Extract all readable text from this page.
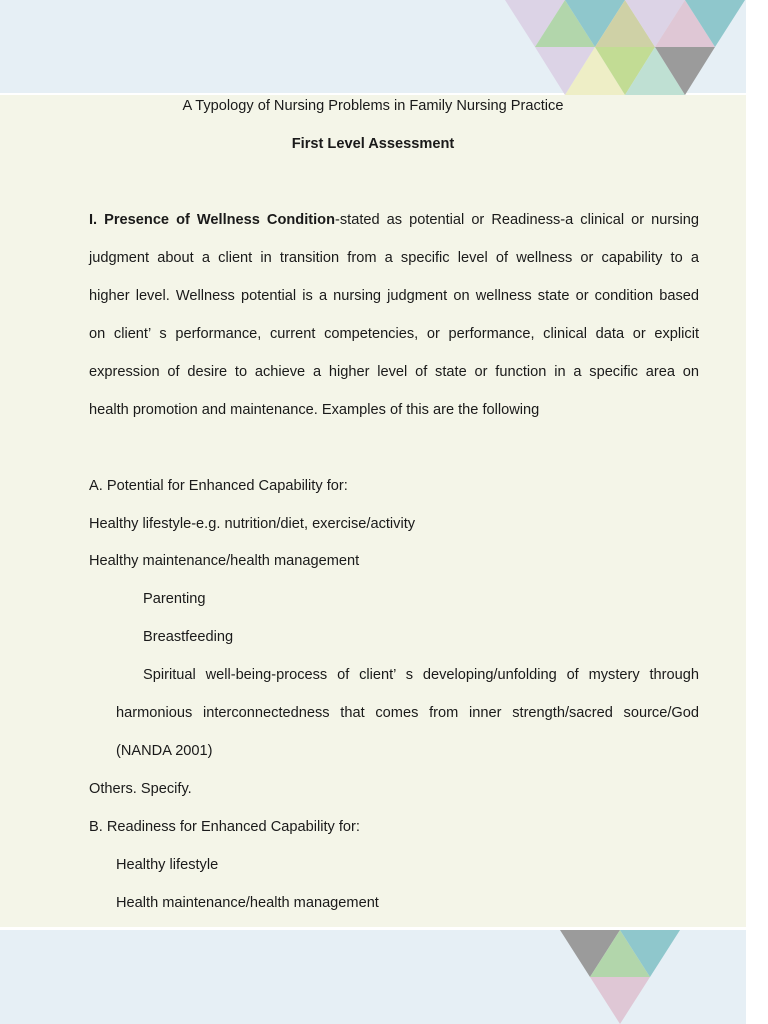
A Typology of Nursing Problems in Family Nursing Practice
First Level Assessment
I. Presence of Wellness Condition-stated as potential or Readiness-a clinical or nursing
judgment about a client in transition from a specific level of wellness or capability to a
higher level. Wellness potential is a nursing judgment on wellness state or condition based
on client’ s performance, current competencies, or performance, clinical data or explicit
expression of desire to achieve a higher level of state or function in a specific area on
health promotion and maintenance. Examples of this are the following
A. Potential for Enhanced Capability for:
Healthy lifestyle-e.g. nutrition/diet, exercise/activity
Healthy maintenance/health management
Parenting
Breastfeeding
Spiritual well-being-process of client’ s developing/unfolding of mystery through
harmonious interconnectedness that comes from inner strength/sacred source/God
(NANDA 2001)
Others. Specify.
B. Readiness for Enhanced Capability for:
Healthy lifestyle
Health maintenance/health management
